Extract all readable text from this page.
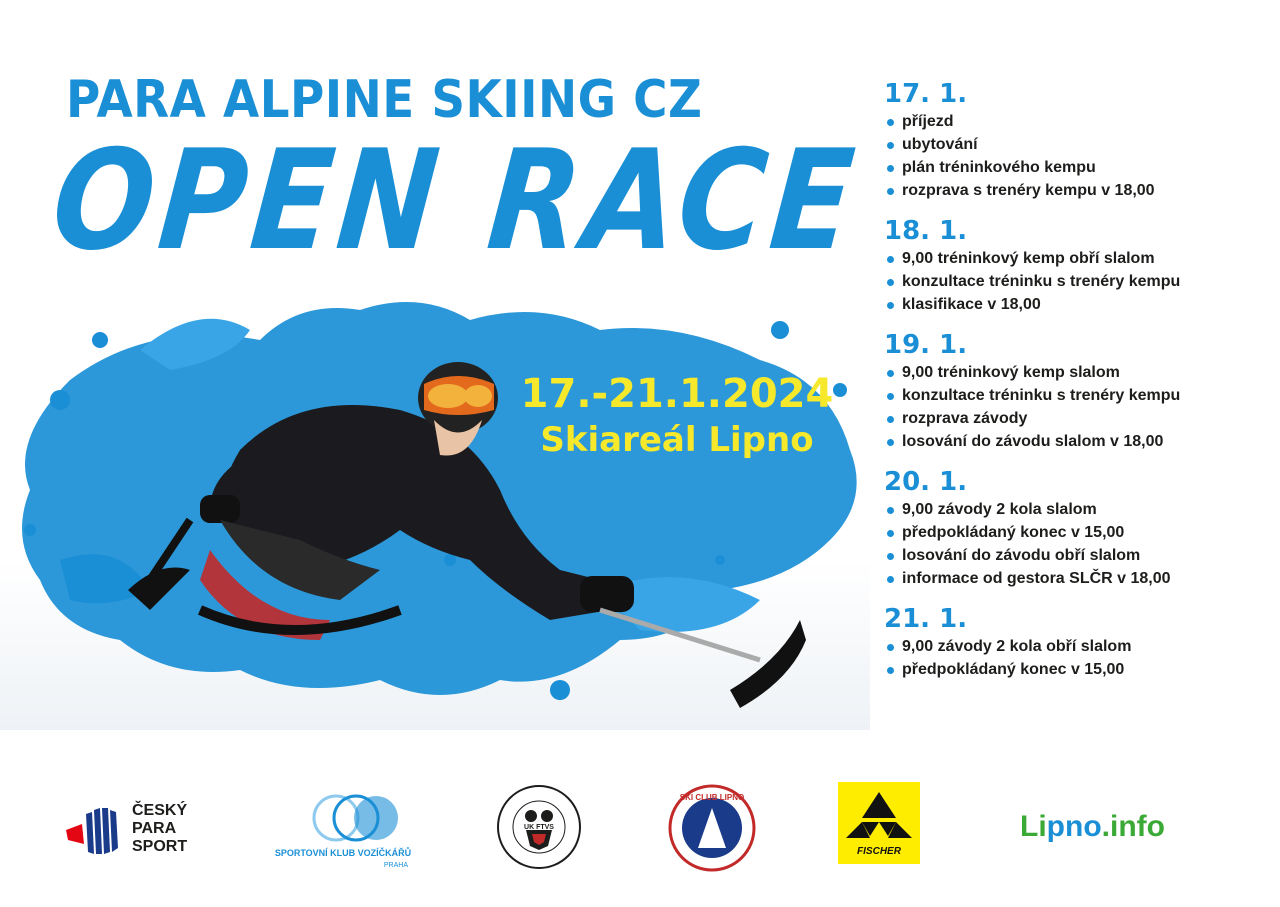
PARA ALPINE SKIING CZ
OPEN RACE
17.-21.1.2024
Skiareál Lipno
17. 1.
příjezd
ubytování
plán tréninkového kempu
rozprava s trenéry kempu v 18,00
18. 1.
9,00 tréninkový kemp obří slalom
konzultace tréninku s trenéry kempu
klasifikace v 18,00
19. 1.
9,00 tréninkový kemp slalom
konzultace tréninku s trenéry kempu
rozprava závody
losování do závodu slalom v 18,00
20. 1.
9,00 závody 2 kola slalom
předpokládaný konec v 15,00
losování do závodu obří slalom
informace od gestora SLČR v 18,00
21. 1.
9,00 závody 2 kola obří slalom
předpokládaný konec v 15,00
ČESKÝ
PARA
SPORT	SPORTOVNÍ KLUB VOZÍČKÁŘŮ
PRAHA
UK FTVS
SKI CLUB LIPNO
FISCHER
Lipno.info
